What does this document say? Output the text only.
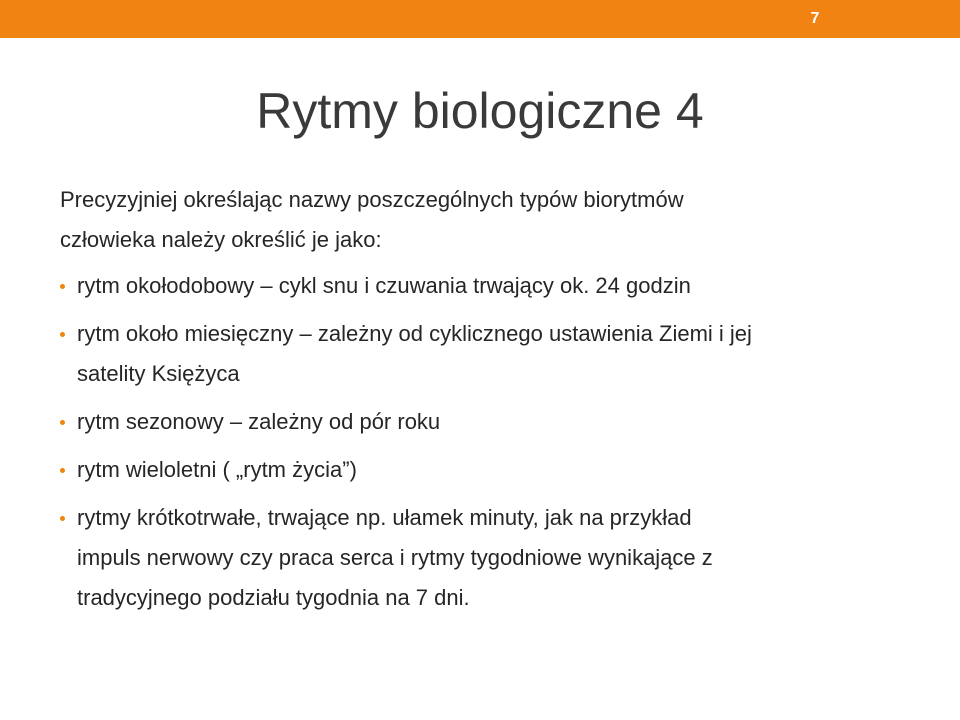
7
Rytmy biologiczne 4

Precyzyjniej określając nazwy poszczególnych typów biorytmów
człowieka należy określić je jako:

rytm okołodobowy – cykl snu i czuwania trwający ok. 24 godzin
rytm około miesięczny – zależny od cyklicznego ustawienia Ziemi i jej
satelity Księżyca
rytm sezonowy – zależny od pór roku
rytm wieloletni ( „rytm życia”)
rytmy krótkotrwałe, trwające np. ułamek minuty, jak na przykład
impuls nerwowy czy praca serca i rytmy tygodniowe wynikające z
tradycyjnego podziału tygodnia na 7 dni.
